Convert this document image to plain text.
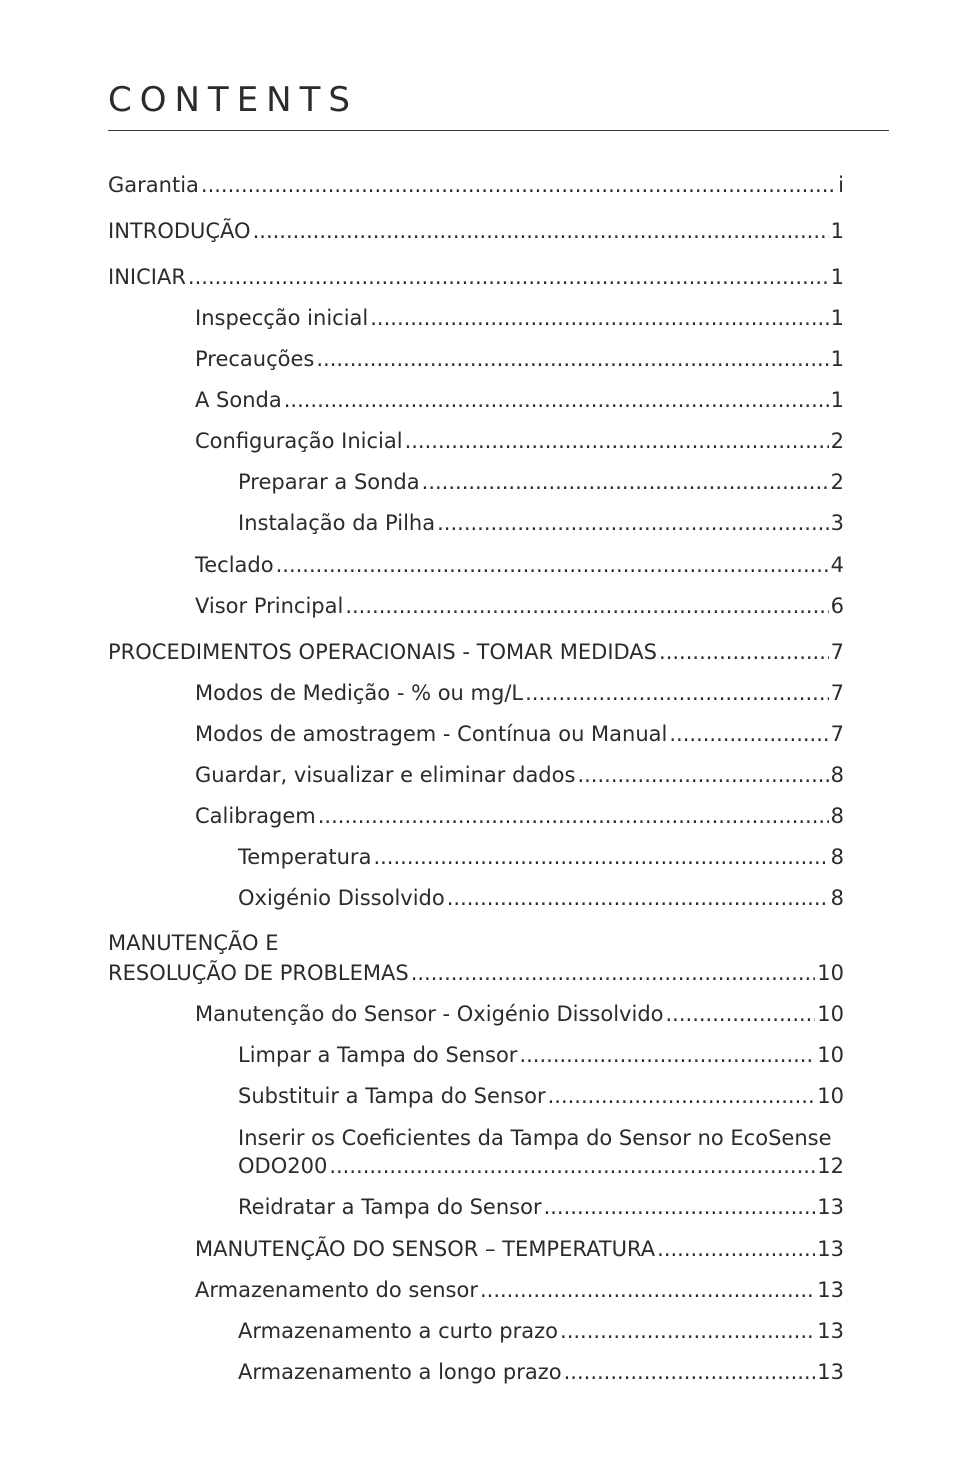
CONTENTS
Garantia .....	i
INTRODUÇÃO .....	1
INICIAR .....	1
Inspecção inicial .....	1
Precauções .....	1
A Sonda .....	1
Configuração Inicial .....	2
Preparar a Sonda .....	2
Instalação da Pilha .....	3
Teclado .....	4
Visor Principal .....	6
PROCEDIMENTOS OPERACIONAIS - TOMAR MEDIDAS .....	7
Modos de Medição - % ou mg/L .....	7
Modos de amostragem - Contínua ou Manual .....	7
Guardar, visualizar e eliminar dados .....	8
Calibragem .....	8
Temperatura .....	8
Oxigénio Dissolvido .....	8
MANUTENÇÃO E
RESOLUÇÃO DE PROBLEMAS .....	10
Manutenção do Sensor - Oxigénio Dissolvido .....	10
Limpar a Tampa do Sensor .....	10
Substituir a Tampa do Sensor .....	10
Inserir os Coeficientes da Tampa do Sensor no EcoSense
ODO200 .....	12
Reidratar a Tampa do Sensor .....	13
MANUTENÇÃO DO SENSOR – TEMPERATURA .....	13
Armazenamento do sensor .....	13
Armazenamento a curto prazo .....	13
Armazenamento a longo prazo .....	13
